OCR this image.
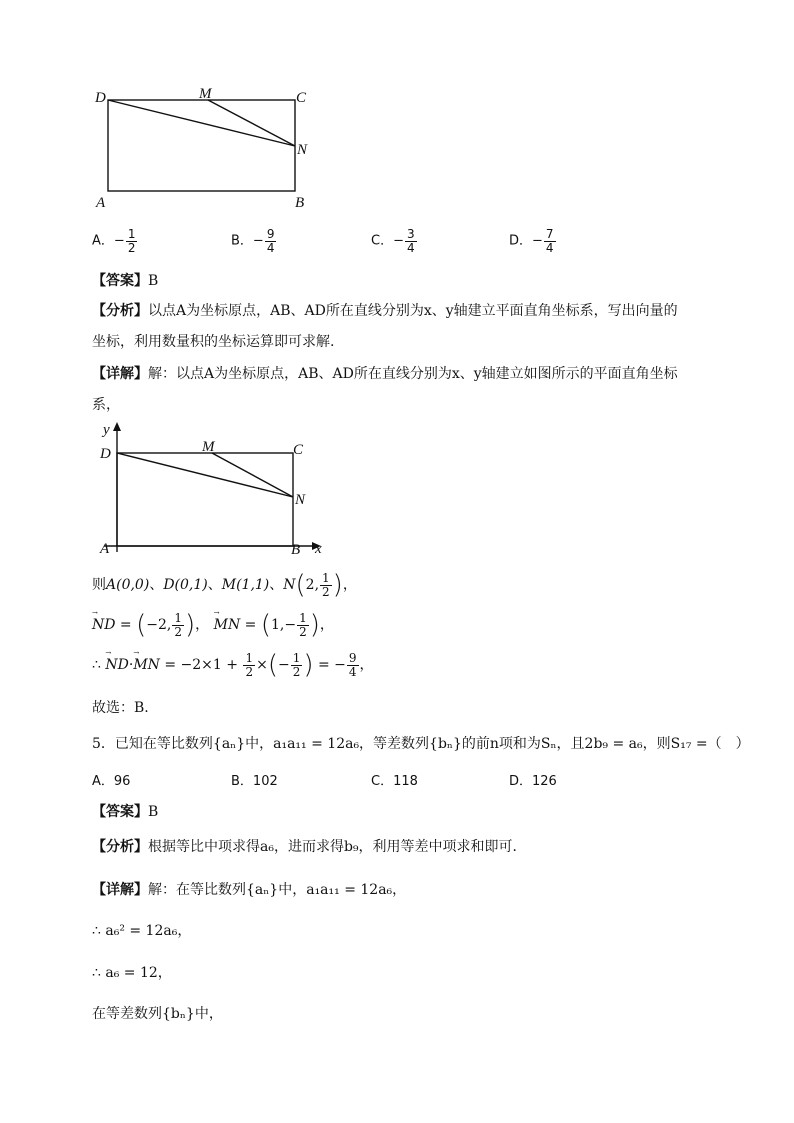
D	M	C
N
A	B
A．− $\frac{1}{2}$	B．− $\frac{9}{4}$	C．− $\frac{3}{4}$	D．− $\frac{7}{4}$
【答案】B
【分析】以点A为坐标原点，AB、AD所在直线分别为x、y轴建立平面直角坐标系，写出向量的
坐标，利用数量积的坐标运算即可求解.
【详解】解：以点A为坐标原点，AB、AD所在直线分别为x、y轴建立如图所示的平面直角坐标
系，
y
D	M	C
N
A	B x
则A(0,0)、D(0,1)、M(1,1)、N(2, $\frac{1}{2}$ )，
→
ND = (−2, $\frac{1}{2}$ )，
→
MN = ($1,- \frac{1}{2}$ )，
∴
→
ND·
→
MN = $-2\times 1 + \frac{1}{2}$ ×(− $\frac{1}{2}$ ) = − $\frac{9}{4}$ ，
故选：B.
5．已知在等比数列{aₙ}中，a₁a₁₁ = 12a₆，等差数列{bₙ}的前n项和为Sₙ，且2b₉ = a₆，则S₁₇ =（　）
A．96	B．102	C．118	D．126
【答案】B
【分析】根据等比中项求得a₆，进而求得b₉，利用等差中项求和即可．
【详解】解：在等比数列{aₙ}中，a₁a₁₁ = 12a₆，
∴ a₆² = 12a₆，
∴ a₆ = 12，
在等差数列{bₙ}中，
